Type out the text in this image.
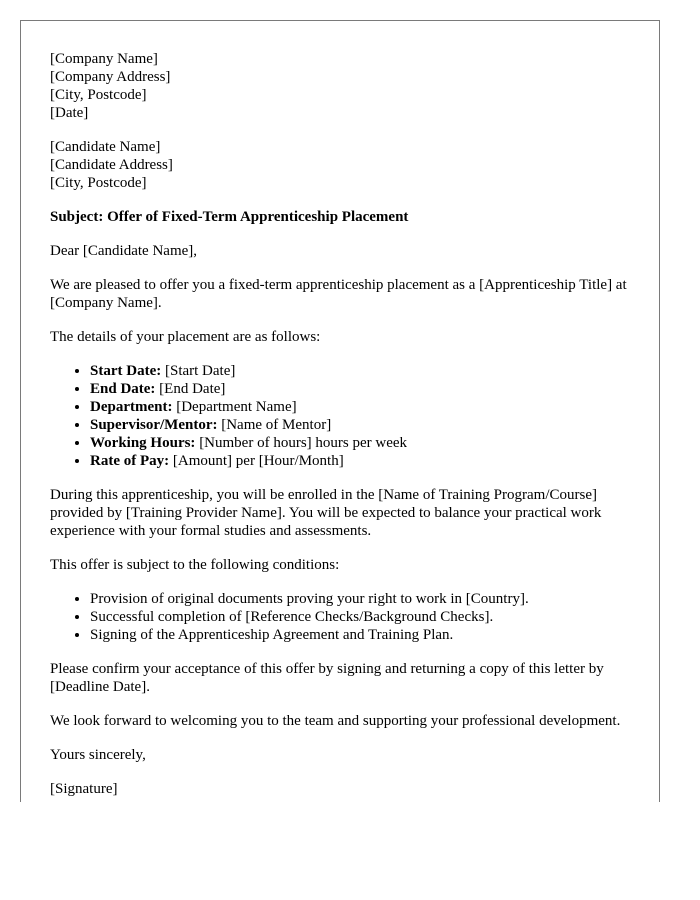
[Company Name]
[Company Address]
[City, Postcode]
[Date]
[Candidate Name]
[Candidate Address]
[City, Postcode]

Subject: Offer of Fixed-Term Apprenticeship Placement

Dear [Candidate Name],

We are pleased to offer you a fixed-term apprenticeship placement as a [Apprenticeship Title] at [Company Name].

The details of your placement are as follows:

• Start Date: [Start Date]
• End Date: [End Date]
• Department: [Department Name]
• Supervisor/Mentor: [Name of Mentor]
• Working Hours: [Number of hours] hours per week
• Rate of Pay: [Amount] per [Hour/Month]

During this apprenticeship, you will be enrolled in the [Name of Training Program/Course] provided by [Training Provider Name]. You will be expected to balance your practical work experience with your formal studies and assessments.

This offer is subject to the following conditions:

• Provision of original documents proving your right to work in [Country].
• Successful completion of [Reference Checks/Background Checks].
• Signing of the Apprenticeship Agreement and Training Plan.

Please confirm your acceptance of this offer by signing and returning a copy of this letter by [Deadline Date].

We look forward to welcoming you to the team and supporting your professional development.

Yours sincerely,

[Signature]
